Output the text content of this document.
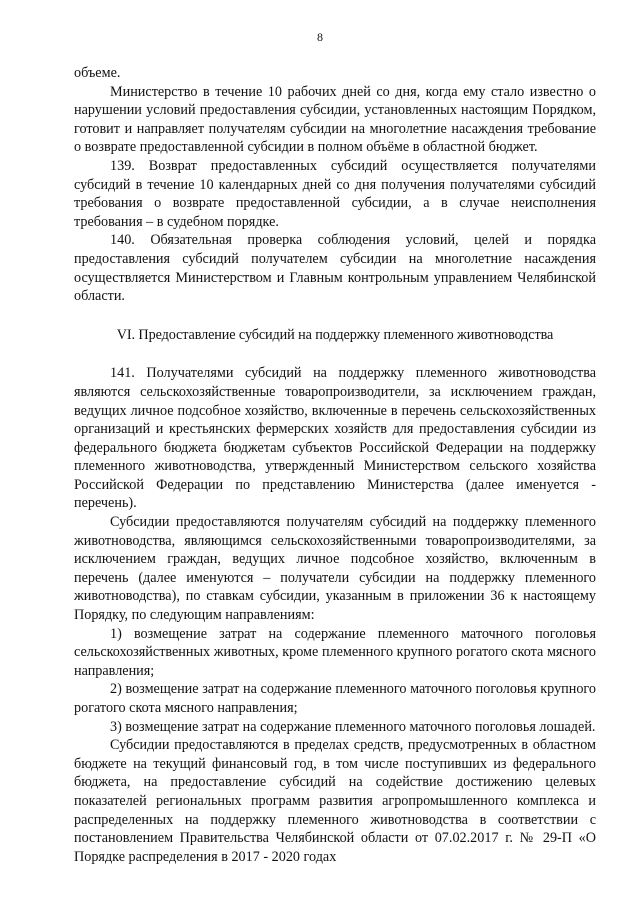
8

объеме.

Министерство в течение 10 рабочих дней со дня, когда ему стало известно о нарушении условий предоставления субсидии, установленных настоящим Порядком, готовит и направляет получателям субсидии на многолетние насаждения требование о возврате предоставленной субсидии в полном объёме в областной бюджет.

139. Возврат предоставленных субсидий осуществляется получателями субсидий в течение 10 календарных дней со дня получения получателями субсидий требования о возврате предоставленной субсидии, а в случае неисполнения требования – в судебном порядке.

140. Обязательная проверка соблюдения условий, целей и порядка предоставления субсидий получателем субсидии на многолетние насаждения осуществляется Министерством и Главным контрольным управлением Челябинской области.

VI. Предоставление субсидий на поддержку племенного животноводства

141. Получателями субсидий на поддержку племенного животноводства являются сельскохозяйственные товаропроизводители, за исключением граждан, ведущих личное подсобное хозяйство, включенные в перечень сельскохозяйственных организаций и крестьянских фермерских хозяйств для предоставления субсидии из федерального бюджета бюджетам субъектов Российской Федерации на поддержку племенного животноводства, утвержденный Министерством сельского хозяйства Российской Федерации по представлению Министерства (далее именуется - перечень).

Субсидии предоставляются получателям субсидий на поддержку племенного животноводства, являющимся сельскохозяйственными товаропроизводителями, за исключением граждан, ведущих личное подсобное хозяйство, включенным в перечень (далее именуются – получатели субсидии на поддержку племенного животноводства), по ставкам субсидии, указанным в приложении 36 к настоящему Порядку, по следующим направлениям:

1) возмещение затрат на содержание племенного маточного поголовья сельскохозяйственных животных, кроме племенного крупного рогатого скота мясного направления;

2) возмещение затрат на содержание племенного маточного поголовья крупного рогатого скота мясного направления;

3) возмещение затрат на содержание племенного маточного поголовья лошадей.

Субсидии предоставляются в пределах средств, предусмотренных в областном бюджете на текущий финансовый год, в том числе поступивших из федерального бюджета, на предоставление субсидий на содействие достижению целевых показателей региональных программ развития агропромышленного комплекса и распределенных на поддержку племенного животноводства в соответствии с постановлением Правительства Челябинской области от 07.02.2017 г. № 29-П «О Порядке распределения в 2017 - 2020 годах
